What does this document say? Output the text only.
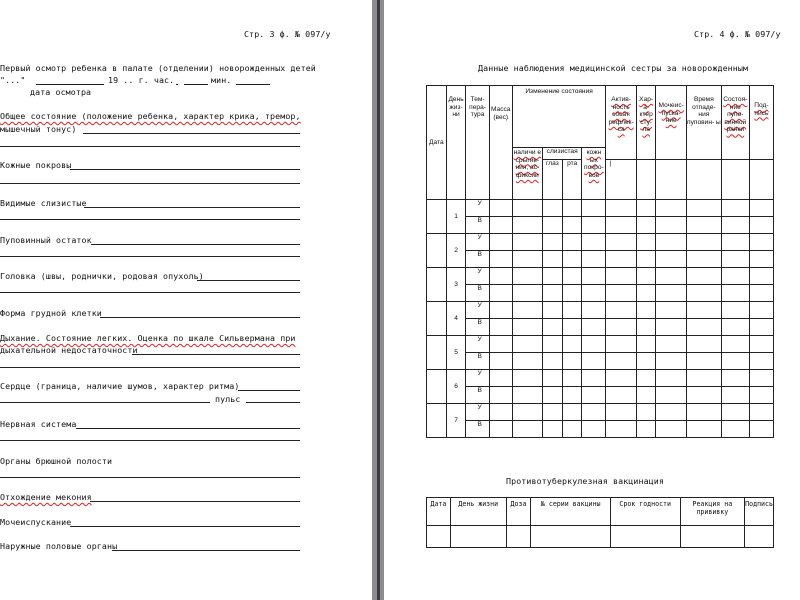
Стр. 3 ф. № 097/у
Первый осмотр ребенка в палате (отделении) новорожденных детей
"..."	19 .. г. час.	мин.
дата осмотра
Общее состояние (положение ребенка, характер крика, тремор,
мышечный тонус)
Кожные покровы
Видимые слизистые
Пуповинный остаток
Головка (швы, роднички, родовая опухоль)
Форма грудной клетки
Дыхание. Состояние легких. Оценка по шкале Сильвермана при
дыхательной недостаточности
Сердце (граница, наличие шумов, характер ритма)
пульс
Нервная система
Органы брюшной полости
Отхождение мекония
Мочеиспускание
Наружные половые органы
Стр. 4 ф. № 097/у
Данные наблюдения медицинской сестры за новорожденным
Дата	День жиз- ни	Тем- пера- тура	Масса (вес)	Изменение состояния				Актив- ность сосат. рефлек- са	Хар- а- ктер сту- ла	Мочеис- пуска- ние	Время отпаде- ния пуповин- ы	Состоя- ние пупо- винной ранки	Под- пись
				наличи е срыгив- ния, ас- фиксии	слизистая		кожн ых покро- вов						
					глаз	рта		|					
	1	У											
		В											
	2	У											
		В											
	3	У											
		В											
	4	У											
		В											
	5	У											
		В											
	6	У											
		В											
	7	У											
		В											
Противотуберкулезная вакцинация
Дата	День жизни	Доза	№ серии вакцины	Срок годности	Реакция на прививку	Подпись
